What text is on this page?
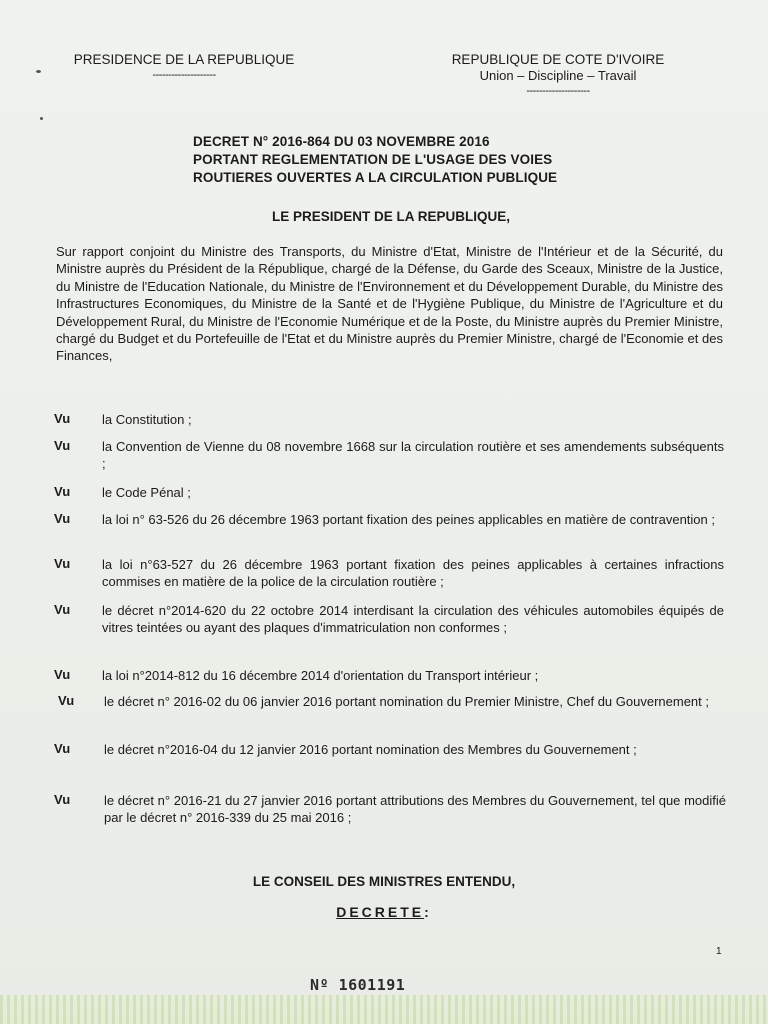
PRESIDENCE DE LA REPUBLIQUE
--------------------
REPUBLIQUE DE COTE D'IVOIRE
Union – Discipline – Travail
--------------------
DECRET N° 2016-864 DU 03 NOVEMBRE 2016
PORTANT REGLEMENTATION DE L'USAGE DES VOIES
ROUTIERES OUVERTES A LA CIRCULATION PUBLIQUE
LE PRESIDENT DE LA REPUBLIQUE,
Sur rapport conjoint du Ministre des Transports, du Ministre d'Etat, Ministre de l'Intérieur et de la Sécurité, du Ministre auprès du Président de la République, chargé de la Défense, du Garde des Sceaux, Ministre de la Justice, du Ministre de l'Education Nationale, du Ministre de l'Environnement et du Développement Durable, du Ministre des Infrastructures Economiques, du Ministre de la Santé et de l'Hygiène Publique, du Ministre de l'Agriculture et du Développement Rural, du Ministre de l'Economie Numérique et de la Poste, du Ministre auprès du Premier Ministre, chargé du Budget et du Portefeuille de l'Etat et du Ministre auprès du Premier Ministre, chargé de l'Economie et des Finances,
Vu la Constitution ;
Vu la Convention de Vienne du 08 novembre 1668 sur la circulation routière et ses amendements subséquents ;
Vu le Code Pénal ;
Vu la loi n° 63-526 du 26 décembre 1963 portant fixation des peines applicables en matière de contravention ;
Vu la loi n°63-527 du 26 décembre 1963 portant fixation des peines applicables à certaines infractions commises en matière de la police de la circulation routière ;
Vu le décret n°2014-620 du 22 octobre 2014 interdisant la circulation des véhicules automobiles équipés de vitres teintées ou ayant des plaques d'immatriculation non conformes ;
Vu la loi n°2014-812 du 16 décembre 2014 d'orientation du Transport intérieur ;
Vu le décret n° 2016-02 du 06 janvier 2016 portant nomination du Premier Ministre, Chef du Gouvernement ;
Vu	le décret n°2016-04 du 12 janvier 2016 portant nomination des Membres du Gouvernement ;
Vu	le décret n° 2016-21 du 27 janvier 2016 portant attributions des Membres du Gouvernement, tel que modifié par le décret n° 2016-339 du 25 mai 2016 ;
LE CONSEIL DES MINISTRES ENTENDU,
DECRETE:
1
Nº 1601191
